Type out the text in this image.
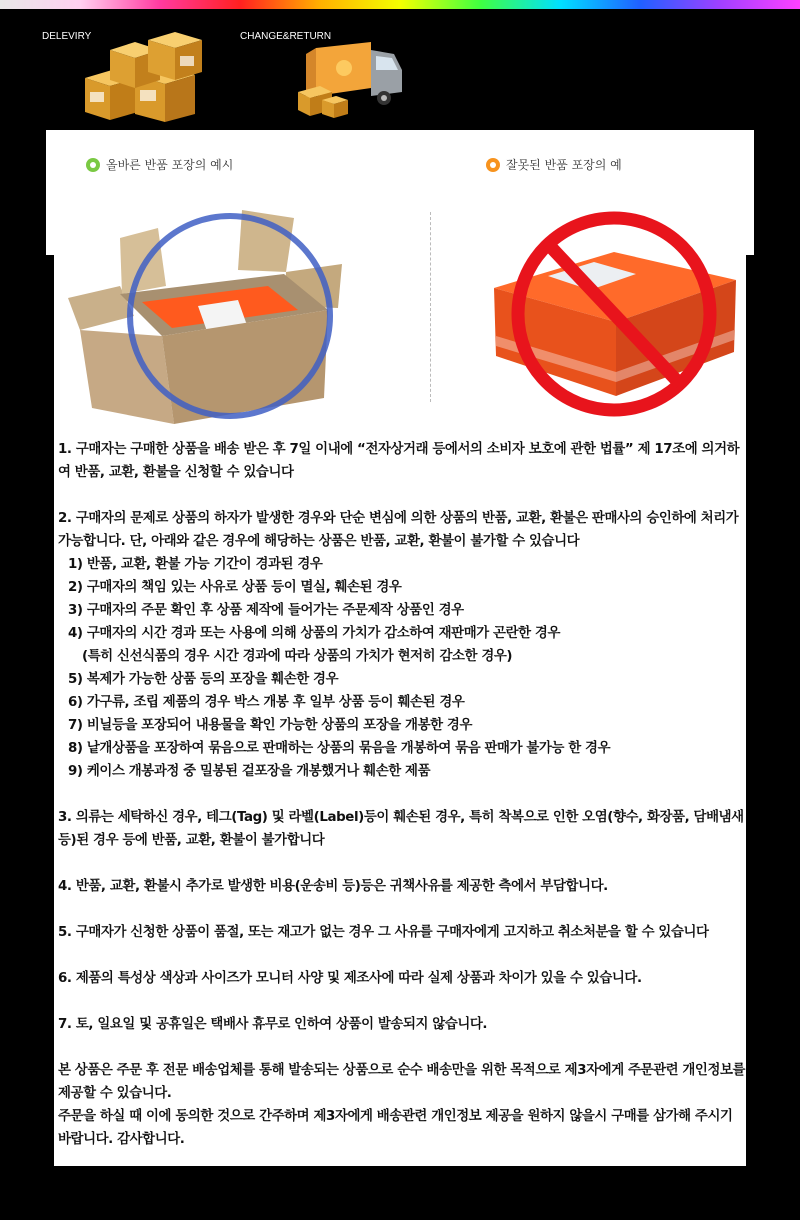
DELEVIRY	CHANGE&RETURN
올바른 반품 포장의 예시	잘못된 반품 포장의 예

1. 구매자는 구매한 상품을 배송 받은 후 7일 이내에 “전자상거래 등에서의 소비자 보호에 관한 법률” 제 17조에 의거하여 반품, 교환, 환불을 신청할 수 있습니다

2. 구매자의 문제로 상품의 하자가 발생한 경우와 단순 변심에 의한 상품의 반품, 교환, 환불은 판매사의 승인하에 처리가 가능합니다. 단, 아래와 같은 경우에 해당하는 상품은 반품, 교환, 환불이 불가할 수 있습니다

1) 반품, 교환, 환불 가능 기간이 경과된 경우

2) 구매자의 책임 있는 사유로 상품 등이 멸실, 훼손된 경우

3) 구매자의 주문 확인 후 상품 제작에 들어가는 주문제작 상품인 경우

4) 구매자의 시간 경과 또는 사용에 의해 상품의 가치가 감소하여 재판매가 곤란한 경우

(특히 신선식품의 경우 시간 경과에 따라 상품의 가치가 현저히 감소한 경우)

5) 복제가 가능한 상품 등의 포장을 훼손한 경우

6) 가구류, 조립 제품의 경우 박스 개봉 후 일부 상품 등이 훼손된 경우

7) 비닐등을 포장되어 내용물을 확인 가능한 상품의 포장을 개봉한 경우

8) 낱개상품을 포장하여 묶음으로 판매하는 상품의 묶음을 개봉하여 묶음 판매가 불가능 한 경우

9) 케이스 개봉과정 중 밀봉된 겉포장을 개봉했거나 훼손한 제품

3. 의류는 세탁하신 경우, 테그(Tag) 및 라벨(Label)등이 훼손된 경우, 특히 착복으로 인한 오염(향수, 화장품, 담배냄새 등)된 경우 등에 반품, 교환, 환불이 불가합니다

4. 반품, 교환, 환불시 추가로 발생한 비용(운송비 등)등은 귀책사유를 제공한 측에서 부담합니다.

5. 구매자가 신청한 상품이 품절, 또는 재고가 없는 경우 그 사유를 구매자에게 고지하고 취소처분을 할 수 있습니다

6. 제품의 특성상 색상과 사이즈가 모니터 사양 및 제조사에 따라 실제 상품과 차이가 있을 수 있습니다.

7. 토, 일요일 및 공휴일은 택배사 휴무로 인하여 상품이 발송되지 않습니다.

본 상품은 주문 후 전문 배송업체를 통해 발송되는 상품으로 순수 배송만을 위한 목적으로 제3자에게 주문관련 개인정보를 제공할 수 있습니다.

주문을 하실 때 이에 동의한 것으로 간주하며 제3자에게 배송관련 개인정보 제공을 원하지 않을시 구매를 삼가해 주시기 바랍니다. 감사합니다.
